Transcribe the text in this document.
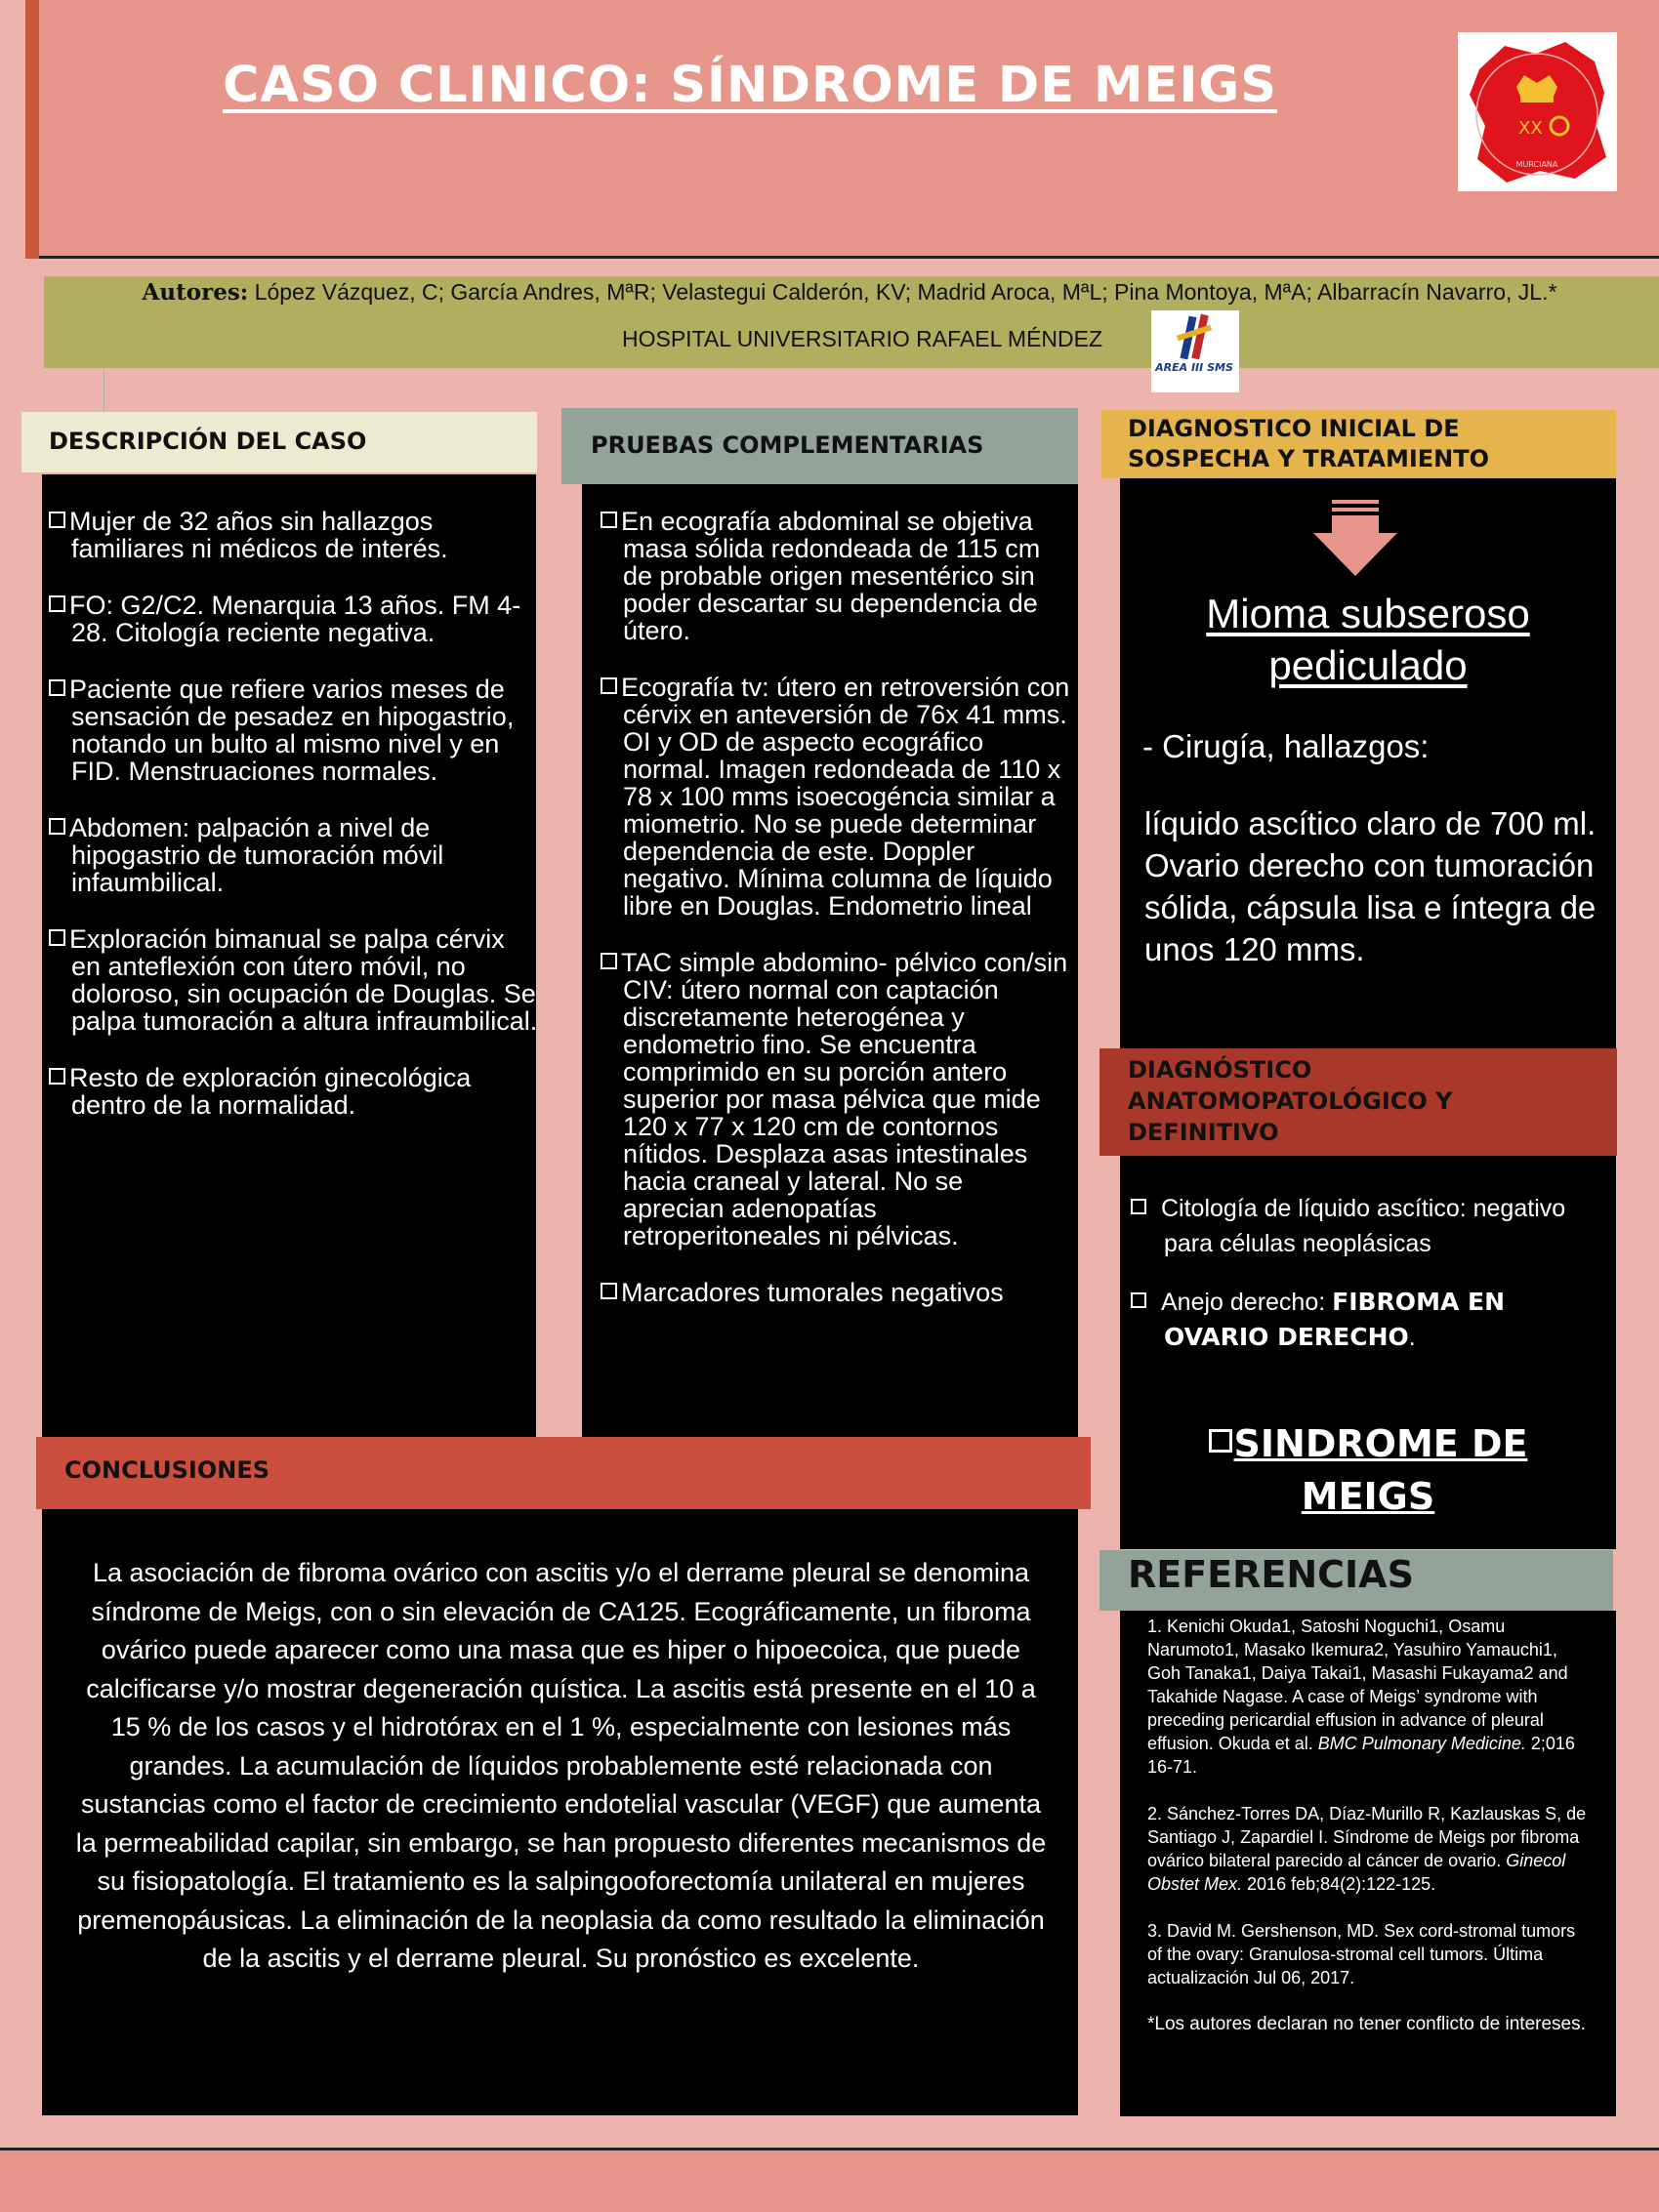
CASO CLINICO: SÍNDROME DE MEIGS
XX
MURCIANA
Autores: López Vázquez, C; García Andres, MªR; Velastegui Calderón, KV; Madrid Aroca, MªL; Pina Montoya, MªA; Albarracín Navarro, JL.*
HOSPITAL UNIVERSITARIO RAFAEL MÉNDEZ
AREA III SMS
DESCRIPCIÓN DEL CASO

Mujer de 32 años sin hallazgos familiares ni médicos de interés.

FO: G2/C2. Menarquia 13 años. FM 4-28. Citología reciente negativa.

Paciente que refiere varios meses de sensación de pesadez en hipogastrio, notando un bulto al mismo nivel y en FID. Menstruaciones normales.

Abdomen: palpación a nivel de hipogastrio de tumoración móvil infaumbilical.

Exploración bimanual se palpa cérvix en anteflexión con útero móvil, no doloroso, sin ocupación de Douglas. Se palpa tumoración a altura infraumbilical.

Resto de exploración ginecológica dentro de la normalidad.

PRUEBAS COMPLEMENTARIAS

En ecografía abdominal se objetiva masa sólida redondeada de 115 cm de probable origen mesentérico sin poder descartar su dependencia de útero.

Ecografía tv: útero en retroversión con cérvix en anteversión de 76x 41 mms. OI y OD de aspecto ecográfico normal. Imagen redondeada de 110 x 78 x 100 mms isoecogéncia similar a miometrio. No se puede determinar dependencia de este. Doppler negativo. Mínima columna de líquido libre en Douglas. Endometrio lineal

TAC simple abdomino- pélvico con/sin CIV: útero normal con captación discretamente heterogénea y endometrio fino. Se encuentra comprimido en su porción antero superior por masa pélvica que mide 120 x 77 x 120 cm de contornos nítidos. Desplaza asas intestinales hacia craneal y lateral. No se aprecian adenopatías retroperitoneales ni pélvicas.

Marcadores tumorales negativos

CONCLUSIONES
La asociación de fibroma ovárico con ascitis y/o el derrame pleural se denomina síndrome de Meigs, con o sin elevación de CA125. Ecográficamente, un fibroma ovárico puede aparecer como una masa que es hiper o hipoecoica, que puede calcificarse y/o mostrar degeneración quística. La ascitis está presente en el 10 a 15 % de los casos y el hidrotórax en el 1 %, especialmente con lesiones más grandes. La acumulación de líquidos probablemente esté relacionada con sustancias como el factor de crecimiento endotelial vascular (VEGF) que aumenta la permeabilidad capilar, sin embargo, se han propuesto diferentes mecanismos de su fisiopatología. El tratamiento es la salpingooforectomía unilateral en mujeres premenopáusicas. La eliminación de la neoplasia da como resultado la eliminación de la ascitis y el derrame pleural. Su pronóstico es excelente.
DIAGNOSTICO INICIAL DE
SOSPECHA Y TRATAMIENTO
Mioma subseroso
pediculado
- Cirugía, hallazgos:
líquido ascítico claro de 700 ml. Ovario derecho con tumoración sólida, cápsula lisa e íntegra de unos 120 mms.
DIAGNÓSTICO
ANATOMOPATOLÓGICO Y
DEFINITIVO

Citología de líquido ascítico: negativo para células neoplásicas

Anejo derecho: FIBROMA EN OVARIO DERECHO.

SINDROME DE
MEIGS
REFERENCIAS

1. Kenichi Okuda1, Satoshi Noguchi1, Osamu Narumoto1, Masako Ikemura2, Yasuhiro Yamauchi1, Goh Tanaka1, Daiya Takai1, Masashi Fukayama2 and Takahide Nagase. A case of Meigs’ syndrome with preceding pericardial effusion in advance of pleural effusion. Okuda et al. BMC Pulmonary Medicine. 2;016 16-71.

2. Sánchez-Torres DA, Díaz-Murillo R, Kazlauskas S, de Santiago J, Zapardiel I. Síndrome de Meigs por fibroma ovárico bilateral parecido al cáncer de ovario. Ginecol Obstet Mex. 2016 feb;84(2):122-125.

3. David M. Gershenson, MD. Sex cord-stromal tumors of the ovary: Granulosa-stromal cell tumors. Última actualización Jul 06, 2017.

*Los autores declaran no tener conflicto de intereses.
